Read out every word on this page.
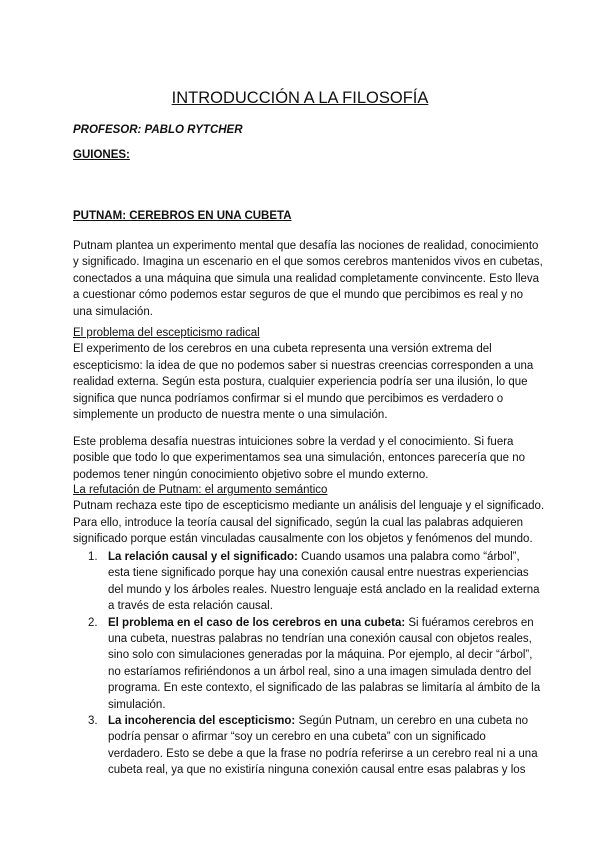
INTRODUCCIÓN A LA FILOSOFÍA
PROFESOR: PABLO RYTCHER
GUIONES:
PUTNAM: CEREBROS EN UNA CUBETA
Putnam plantea un experimento mental que desafía las nociones de realidad, conocimiento
y significado. Imagina un escenario en el que somos cerebros mantenidos vivos en cubetas,
conectados a una máquina que simula una realidad completamente convincente. Esto lleva
a cuestionar cómo podemos estar seguros de que el mundo que percibimos es real y no
una simulación.
El problema del escepticismo radical
El experimento de los cerebros en una cubeta representa una versión extrema del
escepticismo: la idea de que no podemos saber si nuestras creencias corresponden a una
realidad externa. Según esta postura, cualquier experiencia podría ser una ilusión, lo que
significa que nunca podríamos confirmar si el mundo que percibimos es verdadero o
simplemente un producto de nuestra mente o una simulación.
Este problema desafía nuestras intuiciones sobre la verdad y el conocimiento. Si fuera
posible que todo lo que experimentamos sea una simulación, entonces parecería que no
podemos tener ningún conocimiento objetivo sobre el mundo externo.
La refutación de Putnam: el argumento semántico
Putnam rechaza este tipo de escepticismo mediante un análisis del lenguaje y el significado.
Para ello, introduce la teoría causal del significado, según la cual las palabras adquieren
significado porque están vinculadas causalmente con los objetos y fenómenos del mundo.
1. La relación causal y el significado: Cuando usamos una palabra como “árbol”,
esta tiene significado porque hay una conexión causal entre nuestras experiencias
del mundo y los árboles reales. Nuestro lenguaje está anclado en la realidad externa
a través de esta relación causal.
2. El problema en el caso de los cerebros en una cubeta: Si fuéramos cerebros en
una cubeta, nuestras palabras no tendrían una conexión causal con objetos reales,
sino solo con simulaciones generadas por la máquina. Por ejemplo, al decir “árbol”,
no estaríamos refiriéndonos a un árbol real, sino a una imagen simulada dentro del
programa. En este contexto, el significado de las palabras se limitaría al ámbito de la
simulación.
3. La incoherencia del escepticismo: Según Putnam, un cerebro en una cubeta no
podría pensar o afirmar “soy un cerebro en una cubeta” con un significado
verdadero. Esto se debe a que la frase no podría referirse a un cerebro real ni a una
cubeta real, ya que no existiría ninguna conexión causal entre esas palabras y los
